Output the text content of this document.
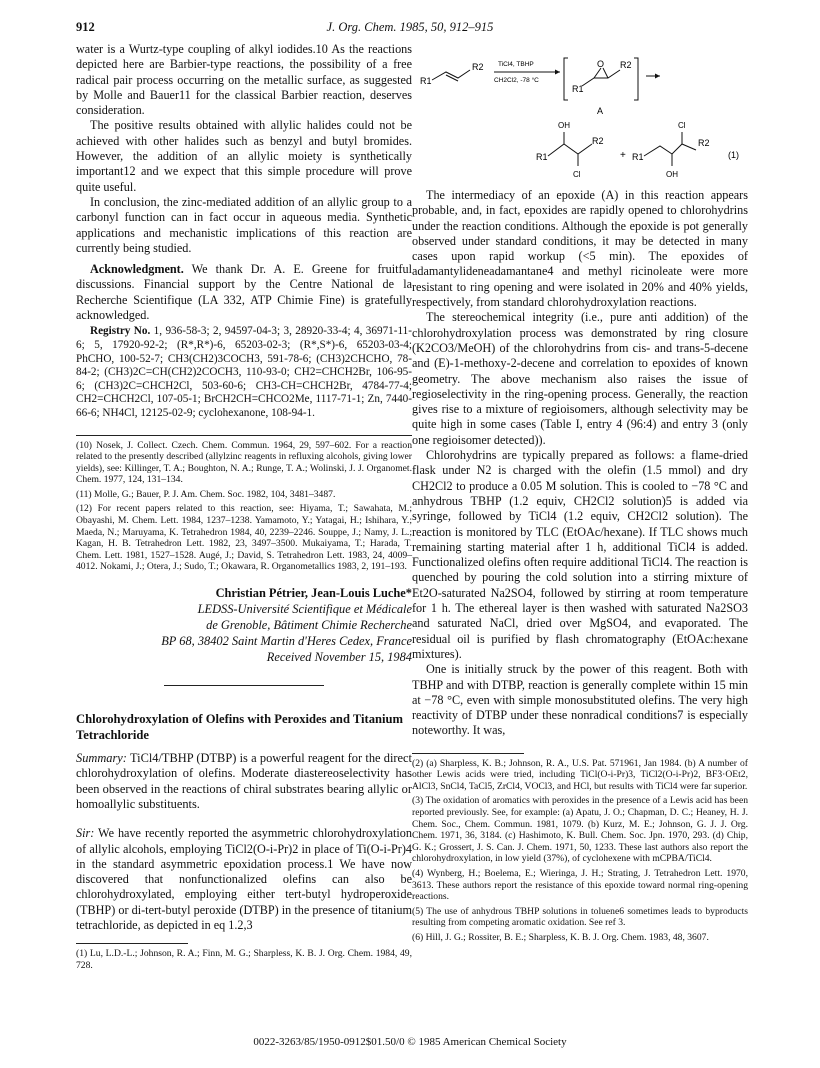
912	J. Org. Chem. 1985, 50, 912–915

water is a Wurtz-type coupling of alkyl iodides.10 As the reactions depicted here are Barbier-type reactions, the possibility of a free radical pair process occurring on the metallic surface, as suggested by Molle and Bauer11 for the classical Barbier reaction, deserves consideration.

The positive results obtained with allylic halides could not be achieved with other halides such as benzyl and butyl bromides. However, the addition of an allylic moiety is synthetically important12 and we expect that this simple procedure will prove quite useful.

In conclusion, the zinc-mediated addition of an allylic group to a carbonyl function can in fact occur in aqueous media. Synthetic applications and mechanistic implications of this reaction are currently being studied.

Acknowledgment. We thank Dr. A. E. Greene for fruitful discussions. Financial support by the Centre National de la Recherche Scientifique (LA 332, ATP Chimie Fine) is gratefully acknowledged.

Registry No. 1, 936-58-3; 2, 94597-04-3; 3, 28920-33-4; 4, 36971-11-6; 5, 17920-92-2; (R*,R*)-6, 65203-02-3; (R*,S*)-6, 65203-03-4; PhCHO, 100-52-7; CH3(CH2)3COCH3, 591-78-6; (CH3)2CHCHO, 78-84-2; (CH3)2C=CH(CH2)2COCH3, 110-93-0; CH2=CHCH2Br, 106-95-6; (CH3)2C=CHCH2Cl, 503-60-6; CH3-CH=CHCH2Br, 4784-77-4; CH2=CHCH2Cl, 107-05-1; BrCH2CH=CHCO2Me, 1117-71-1; Zn, 7440-66-6; NH4Cl, 12125-02-9; cyclohexanone, 108-94-1.

(10) Nosek, J. Collect. Czech. Chem. Commun. 1964, 29, 597–602. For a reaction related to the presently described (allylzinc reagents in refluxing alcohols, giving lower yields), see: Killinger, T. A.; Boughton, N. A.; Runge, T. A.; Wolinski, J. J. Organomet. Chem. 1977, 124, 131–134.

(11) Molle, G.; Bauer, P. J. Am. Chem. Soc. 1982, 104, 3481–3487.

(12) For recent papers related to this reaction, see: Hiyama, T.; Sawahata, M.; Obayashi, M. Chem. Lett. 1984, 1237–1238. Yamamoto, Y.; Yatagai, H.; Ishihara, Y.; Maeda, N.; Maruyama, K. Tetrahedron 1984, 40, 2239–2246. Souppe, J.; Namy, J. L.; Kagan, H. B. Tetrahedron Lett. 1982, 23, 3497–3500. Mukaiyama, T.; Harada, T. Chem. Lett. 1981, 1527–1528. Augé, J.; David, S. Tetrahedron Lett. 1983, 24, 4009–4012. Nokami, J.; Otera, J.; Sudo, T.; Okawara, R. Organometallics 1983, 2, 191–193.

Christian Pétrier, Jean-Louis Luche*
LEDSS-Université Scientifique et Médicale
de Grenoble, Bâtiment Chimie Recherche
BP 68, 38402 Saint Martin d'Heres Cedex, France
Received November 15, 1984
Chlorohydroxylation of Olefins with Peroxides and Titanium Tetrachloride

Summary: TiCl4/TBHP (DTBP) is a powerful reagent for the direct chlorohydroxylation of olefins. Moderate diastereoselectivity has been observed in the reactions of chiral substrates bearing allylic or homoallylic substituents.

Sir: We have recently reported the asymmetric chlorohydroxylation of allylic alcohols, employing TiCl2(O-i-Pr)2 in place of Ti(O-i-Pr)4 in the standard asymmetric epoxidation process.1 We have now discovered that nonfunctionalized olefins can also be chlorohydroxylated, employing either tert-butyl hydroperoxide (TBHP) or di-tert-butyl peroxide (DTBP) in the presence of titanium tetrachloride, as depicted in eq 1.2,3

(1) Lu, L.D.-L.; Johnson, R. A.; Finn, M. G.; Sharpless, K. B. J. Org. Chem. 1984, 49, 728.

R1
R2 TiCl4, TBHP
CH2Cl2, -78 °C
R1
O R2
A
OH
R1
R2
Cl
+
Cl
R1
R2
OH
(1)

The intermediacy of an epoxide (A) in this reaction appears probable, and, in fact, epoxides are rapidly opened to chlorohydrins under the reaction conditions. Although the epoxide is pot generally observed under standard conditions, it may be detected in many cases upon rapid workup (<5 min). The epoxides of adamantylideneadamantane4 and methyl ricinoleate were more resistant to ring opening and were isolated in 20% and 40% yields, respectively, from standard chlorohydroxylation reactions.

The stereochemical integrity (i.e., pure anti addition) of the chlorohydroxylation process was demonstrated by ring closure (K2CO3/MeOH) of the chlorohydrins from cis- and trans-5-decene and (E)-1-methoxy-2-decene and correlation to epoxides of known geometry. The above mechanism also raises the issue of regioselectivity in the ring-opening process. Generally, the reaction gives rise to a mixture of regioisomers, although selectivity may be quite high in some cases (Table I, entry 4 (96:4) and entry 3 (only one regioisomer detected)).

Chlorohydrins are typically prepared as follows: a flame-dried flask under N2 is charged with the olefin (1.5 mmol) and dry CH2Cl2 to produce a 0.05 M solution. This is cooled to −78 °C and anhydrous TBHP (1.2 equiv, CH2Cl2 solution)5 is added via syringe, followed by TiCl4 (1.2 equiv, CH2Cl2 solution). The reaction is monitored by TLC (EtOAc/hexane). If TLC shows much remaining starting material after 1 h, additional TiCl4 is added. Functionalized olefins often require additional TiCl4. The reaction is quenched by pouring the cold solution into a stirring mixture of Et2O-saturated Na2SO4, followed by stirring at room temperature for 1 h. The ethereal layer is then washed with saturated Na2SO3 and saturated NaCl, dried over MgSO4, and evaporated. The residual oil is purified by flash chromatography (EtOAc:hexane mixtures).

One is initially struck by the power of this reagent. Both with TBHP and with DTBP, reaction is generally complete within 15 min at −78 °C, even with simple monosubstituted olefins. The very high reactivity of DTBP under these nonradical conditions7 is especially noteworthy. It was,

(2) (a) Sharpless, K. B.; Johnson, R. A., U.S. Pat. 571961, Jan 1984. (b) A number of other Lewis acids were tried, including TiCl(O-i-Pr)3, TiCl2(O-i-Pr)2, BF3·OEt2, AlCl3, SnCl4, TaCl5, ZrCl4, VOCl3, and HCl, but results with TiCl4 were far superior.

(3) The oxidation of aromatics with peroxides in the presence of a Lewis acid has been reported previously. See, for example: (a) Apatu, J. O.; Chapman, D. C.; Heaney, H. J. Chem. Soc., Chem. Commun. 1981, 1079. (b) Kurz, M. E.; Johnson, G. J. J. Org. Chem. 1971, 36, 3184. (c) Hashimoto, K. Bull. Chem. Soc. Jpn. 1970, 293. (d) Chip, G. K.; Grossert, J. S. Can. J. Chem. 1971, 50, 1233. These last authors also report the chlorohydroxylation, in low yield (37%), of cyclohexene with mCPBA/TiCl4.

(4) Wynberg, H.; Boelema, E.; Wieringa, J. H.; Strating, J. Tetrahedron Lett. 1970, 3613. These authors report the resistance of this epoxide toward normal ring-opening reactions.

(5) The use of anhydrous TBHP solutions in toluene6 sometimes leads to byproducts resulting from competing aromatic oxidation. See ref 3.

(6) Hill, J. G.; Rossiter, B. E.; Sharpless, K. B. J. Org. Chem. 1983, 48, 3607.

0022-3263/85/1950-0912$01.50/0 © 1985 American Chemical Society
